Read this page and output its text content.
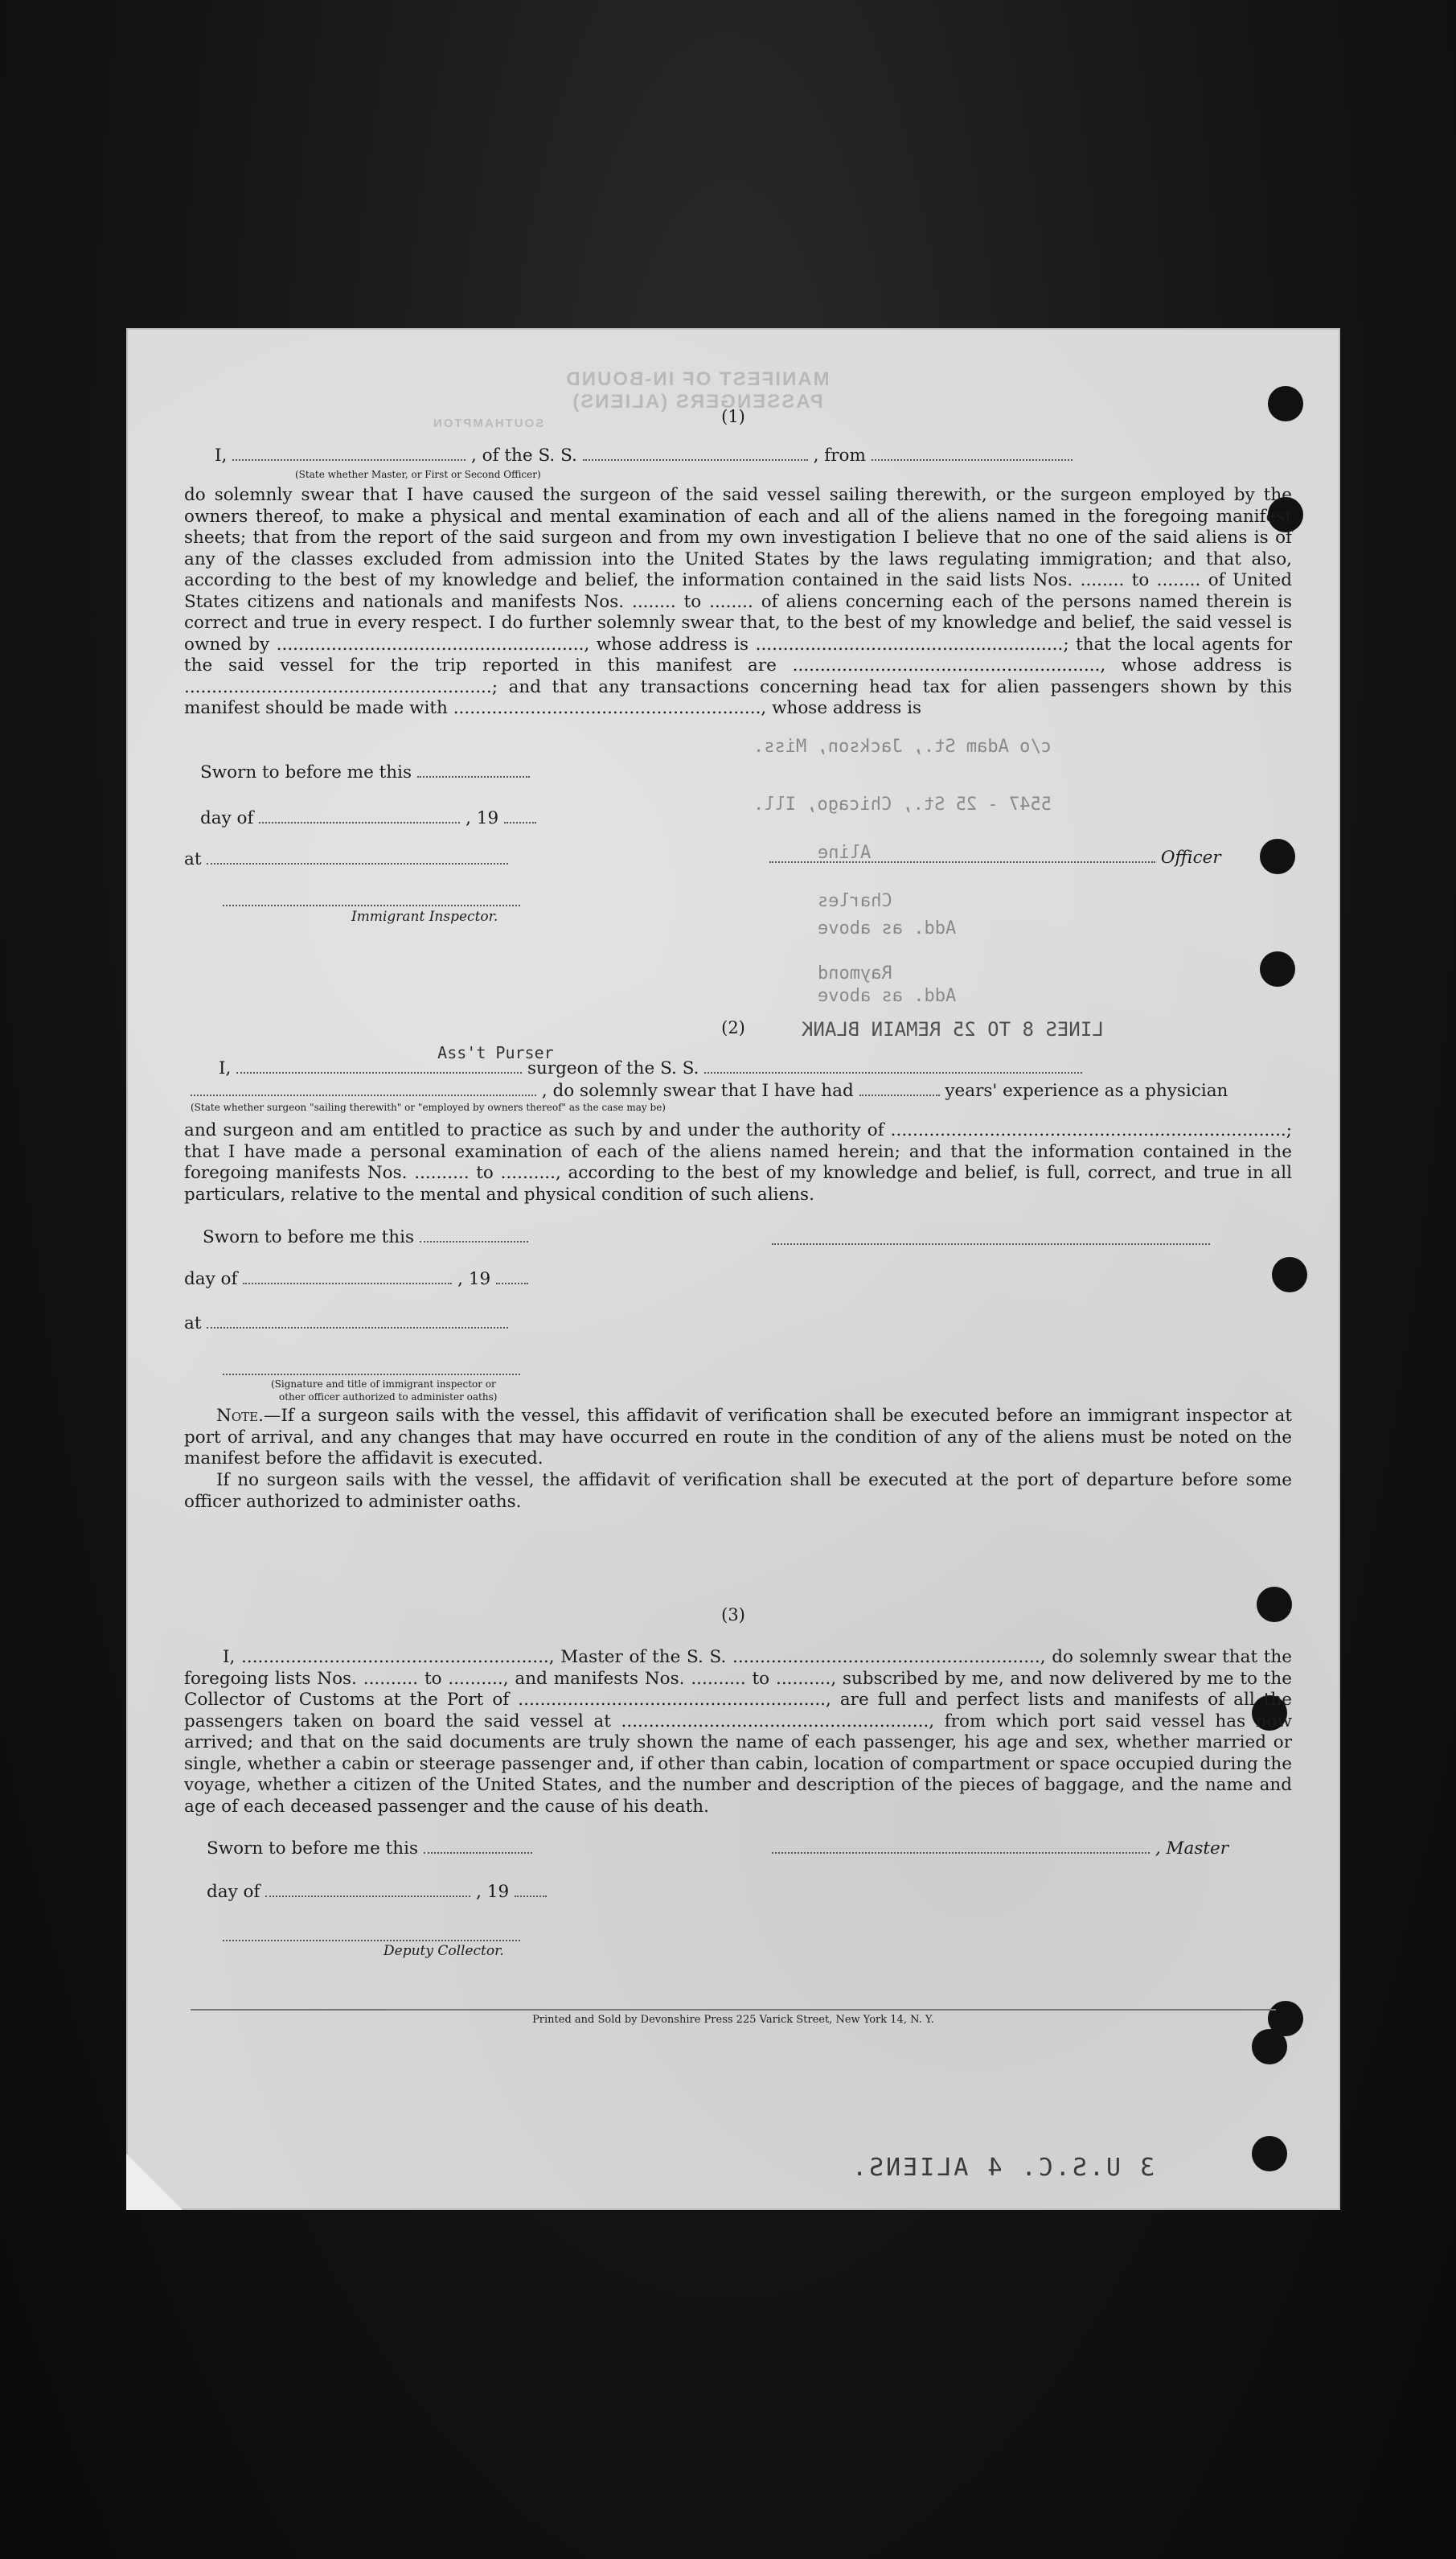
MANIFEST OF IN-BOUND PASSENGERS (ALIENS)
SOUTHAMPTON
c/o Adam St., Jackson, Miss.
5547 - 25 St., Chicago, Ill.
Aline
Charles
Add. as above
Raymond
Add. as above
LINES 8 TO 25 REMAIN BLANK
(1)
I,	, of the S. S.	, from
(State whether Master, or First or Second Officer)
do solemnly swear that I have caused the surgeon of the said vessel sailing therewith, or the surgeon employed by the owners thereof, to make a physical and mental examination of each and all of the aliens named in the foregoing manifest sheets; that from the report of the said surgeon and from my own investigation I believe that no one of the said aliens is of any of the classes excluded from admission into the United States by the laws regulating immigration; and that also, according to the best of my knowledge and belief, the information contained in the said lists Nos. ........ to ........ of United States citizens and nationals and manifests Nos. ........ to ........ of aliens concerning each of the persons named therein is correct and true in every respect. I do further solemnly swear that, to the best of my knowledge and belief, the said vessel is owned by ........................................................, whose address is ........................................................; that the local agents for the said vessel for the trip reported in this manifest are ........................................................, whose address is ........................................................; and that any transactions concerning head tax for alien passengers shown by this manifest should be made with ........................................................, whose address is
Sworn to before me this
day of	, 19
at	Officer
Immigrant Inspector.
(2)
I,
Ass't Purser
surgeon of the S. S.
, do solemnly swear that I have had	years' experience as a physician
(State whether surgeon "sailing therewith" or "employed by owners thereof" as the case may be)
and surgeon and am entitled to practice as such by and under the authority of ........................................................................; that I have made a personal examination of each of the aliens named herein; and that the information contained in the foregoing manifests Nos. .......... to .........., according to the best of my knowledge and belief, is full, correct, and true in all particulars, relative to the mental and physical condition of such aliens.
Sworn to before me this
day of	, 19
at
(Signature and title of immigrant inspector or
other officer authorized to administer oaths)
Note.—If a surgeon sails with the vessel, this affidavit of verification shall be executed before an immigrant inspector at port of arrival, and any changes that may have occurred en route in the condition of any of the aliens must be noted on the manifest before the affidavit is executed.
If no surgeon sails with the vessel, the affidavit of verification shall be executed at the port of departure before some officer authorized to administer oaths.
(3)
I, ........................................................, Master of the S. S. ........................................................, do solemnly swear that the foregoing lists Nos. .......... to .........., and manifests Nos. .......... to .........., subscribed by me, and now delivered by me to the Collector of Customs at the Port of ........................................................, are full and perfect lists and manifests of all the passengers taken on board the said vessel at ........................................................, from which port said vessel has now arrived; and that on the said documents are truly shown the name of each passenger, his age and sex, whether married or single, whether a cabin or steerage passenger and, if other than cabin, location of compartment or space occupied during the voyage, whether a citizen of the United States, and the number and description of the pieces of baggage, and the name and age of each deceased passenger and the cause of his death.
Sworn to before me this	, Master
day of	, 19
Deputy Collector.
Printed and Sold by Devonshire Press 225 Varick Street, New York 14, N. Y.
3 U.S.C. 4 ALIENS.
